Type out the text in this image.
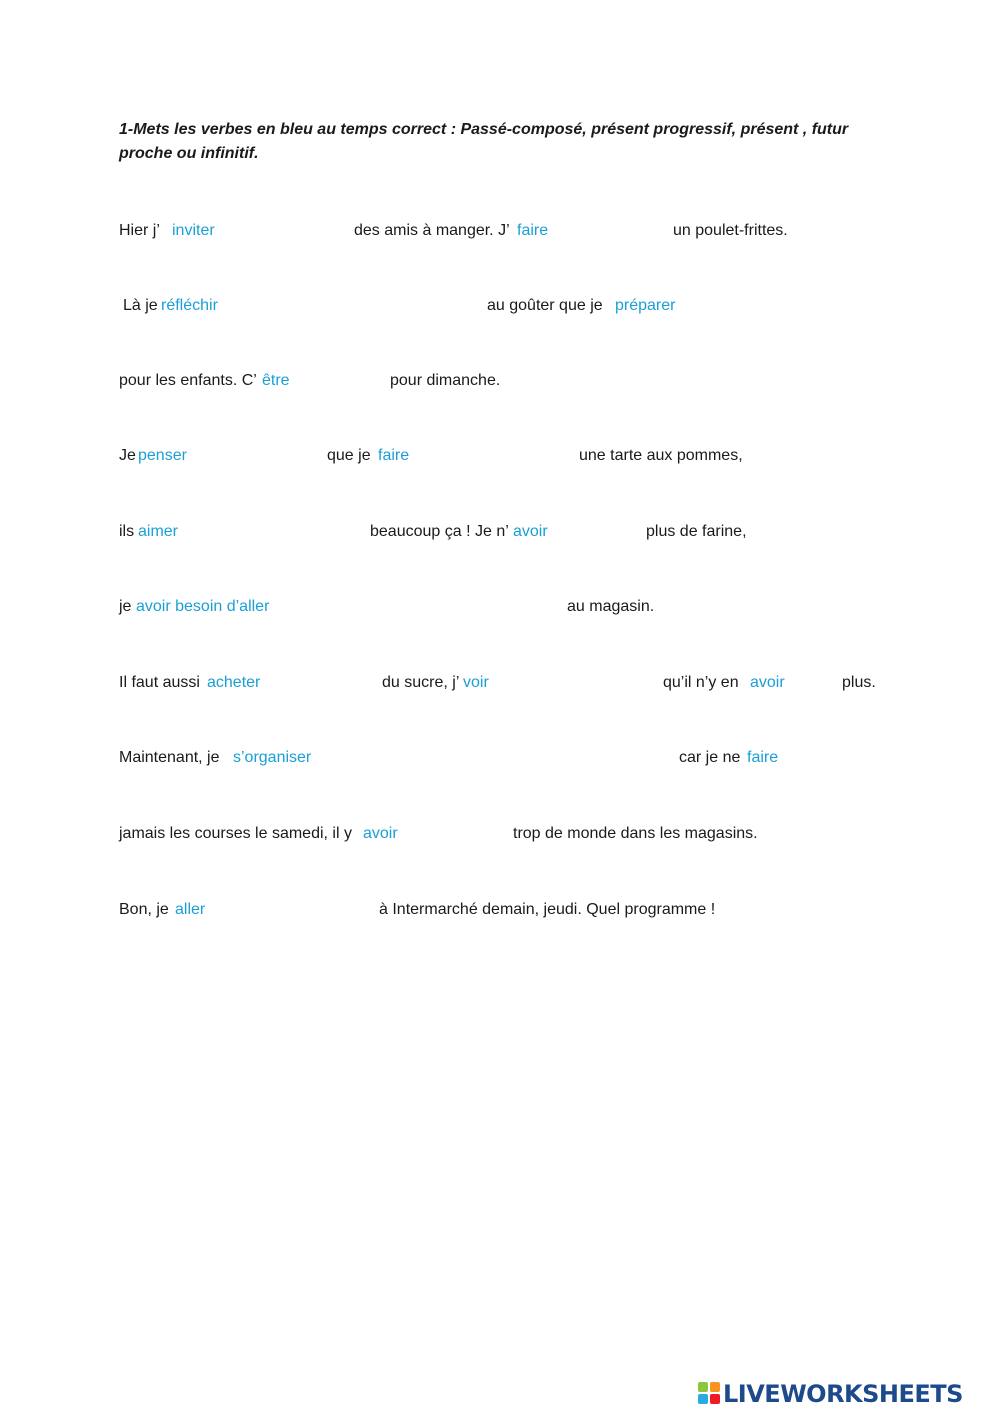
1-Mets les verbes en bleu au temps correct : Passé-composé, présent progressif, présent , futur proche ou infinitif.

Hier j’ inviter	des amis à manger. J’ faire	un poulet-frittes.
Là je réfléchir	au goûter que je préparer
pour les enfants. C’ être	pour dimanche.
Je penser	que je faire	une tarte aux pommes,
ils aimer	beaucoup ça ! Je n’ avoir	plus de farine,
je avoir besoin d’aller	au magasin.
Il faut aussi acheter	du sucre, j’ voir	qu’il n’y en avoir	plus.
Maintenant, je s’organiser	car je ne faire
jamais les courses le samedi, il y avoir	trop de monde dans les magasins.
Bon, je aller	à Intermarché demain, jeudi. Quel programme !
LIVEWORKSHEETS
